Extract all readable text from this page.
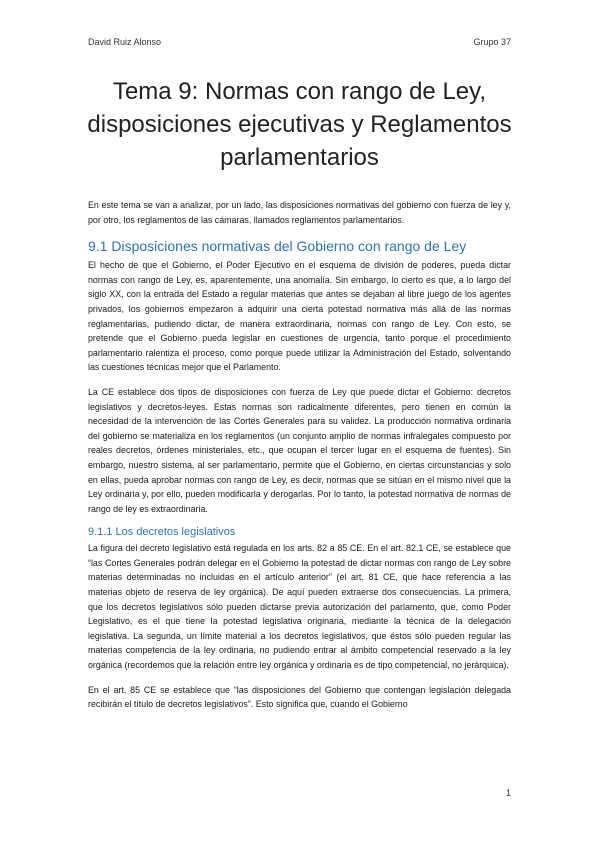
David Ruiz Alonso	Grupo 37
Tema 9: Normas con rango de Ley, disposiciones ejecutivas y Reglamentos parlamentarios

En este tema se van a analizar, por un lado, las disposiciones normativas del gobierno con fuerza de ley y, por otro, los reglamentos de las cámaras, llamados reglamentos parlamentarios.

9.1 Disposiciones normativas del Gobierno con rango de Ley

El hecho de que el Gobierno, el Poder Ejecutivo en el esquema de división de poderes, pueda dictar normas con rango de Ley, es, aparentemente, una anomalía. Sin embargo, lo cierto es que, a lo largo del siglo XX, con la entrada del Estado a regular materias que antes se dejaban al libre juego de los agentes privados, los gobiernos empezaron a adquirir una cierta potestad normativa más allá de las normas reglamentarias, pudiendo dictar, de manera extraordinaria, normas con rango de Ley. Con esto, se pretende que el Gobierno pueda legislar en cuestiones de urgencia, tanto porque el procedimiento parlamentario ralentiza el proceso, como porque puede utilizar la Administración del Estado, solventando las cuestiones técnicas mejor que el Parlamento.

La CE establece dos tipos de disposiciones con fuerza de Ley que puede dictar el Gobierno: decretos legislativos y decretos-leyes. Estas normas son radicalmente diferentes, pero tienen en común la necesidad de la intervención de las Cortes Generales para su validez. La producción normativa ordinaria del gobierno se materializa en los reglamentos (un conjunto amplio de normas infralegales compuesto por reales decretos, órdenes ministeriales, etc., que ocupan el tercer lugar en el esquema de fuentes). Sin embargo, nuestro sistema, al ser parlamentario, permite que el Gobierno, en ciertas circunstancias y solo en ellas, pueda aprobar normas con rango de Ley, es decir, normas que se sitúan en el mismo nivel que la Ley ordinaria y, por ello, pueden modificarla y derogarlas. Por lo tanto, la potestad normativa de normas de rango de ley es extraordinaria.

9.1.1 Los decretos legislativos

La figura del decreto legislativo está regulada en los arts. 82 a 85 CE. En el art. 82.1 CE, se establece que “las Cortes Generales podrán delegar en el Gobierno la potestad de dictar normas con rango de Ley sobre materias determinadas no incluidas en el artículo anterior” (el art. 81 CE, que hace referencia a las materias objeto de reserva de ley orgánica). De aquí pueden extraerse dos consecuencias. La primera, que los decretos legislativos sólo pueden dictarse previa autorización del parlamento, que, como Poder Legislativo, es el que tiene la potestad legislativa originaria, mediante la técnica de la delegación legislativa. La segunda, un límite material a los decretos legislativos, que éstos sólo pueden regular las materias competencia de la ley ordinaria, no pudiendo entrar al ámbito competencial reservado a la ley orgánica (recordemos que la relación entre ley orgánica y ordinaria es de tipo competencial, no jerárquica).

En el art. 85 CE se establece que “las disposiciones del Gobierno que contengan legislación delegada recibirán el título de decretos legislativos”. Esto significa que, cuando el Gobierno

1
